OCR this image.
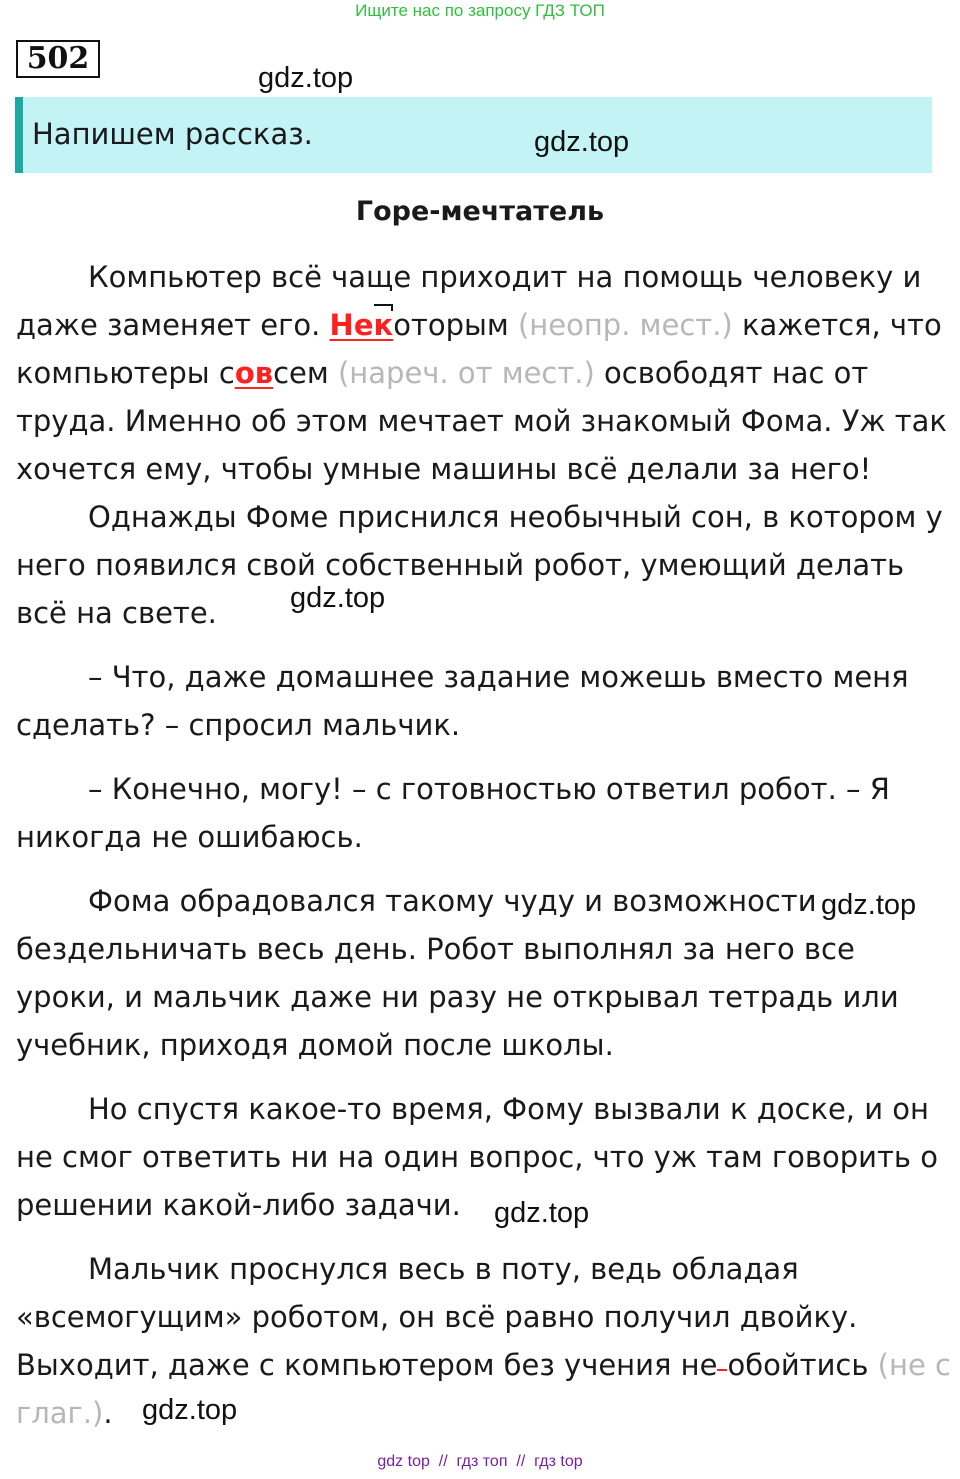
Ищите нас по запросу ГДЗ ТОП
502
gdz.top
Напишем рассказ.	gdz.top
Горе-мечтатель
Компьютер всё чаще приходит на помощь человеку и
даже заменяет его. Некоторым (неопр. мест.) кажется, что
компьютеры совсем (нареч. от мест.) освободят нас от
труда. Именно об этом мечтает мой знакомый Фома. Уж так
хочется ему, чтобы умные машины всё делали за него!
Однажды Фоме приснился необычный сон, в котором у
него появился свой собственный робот, умеющий делать
всё на свете.	gdz.top
– Что, даже домашнее задание можешь вместо меня
сделать? – спросил мальчик.
– Конечно, могу! – с готовностью ответил робот. – Я
никогда не ошибаюсь.
Фома обрадовался такому чуду и возможности gdz.top
бездельничать весь день. Робот выполнял за него все
уроки, и мальчик даже ни разу не открывал тетрадь или
учебник, приходя домой после школы.
Но спустя какое-то время, Фому вызвали к доске, и он
не смог ответить ни на один вопрос, что уж там говорить о
решении какой-либо задачи. gdz.top
Мальчик проснулся весь в поту, ведь обладая
«всемогущим» роботом, он всё равно получил двойку.
Выходит, даже с компьютером без учения не обойтись (не с
глаг.). gdz.top
gdz top  //  гдз топ  //  гдз top
